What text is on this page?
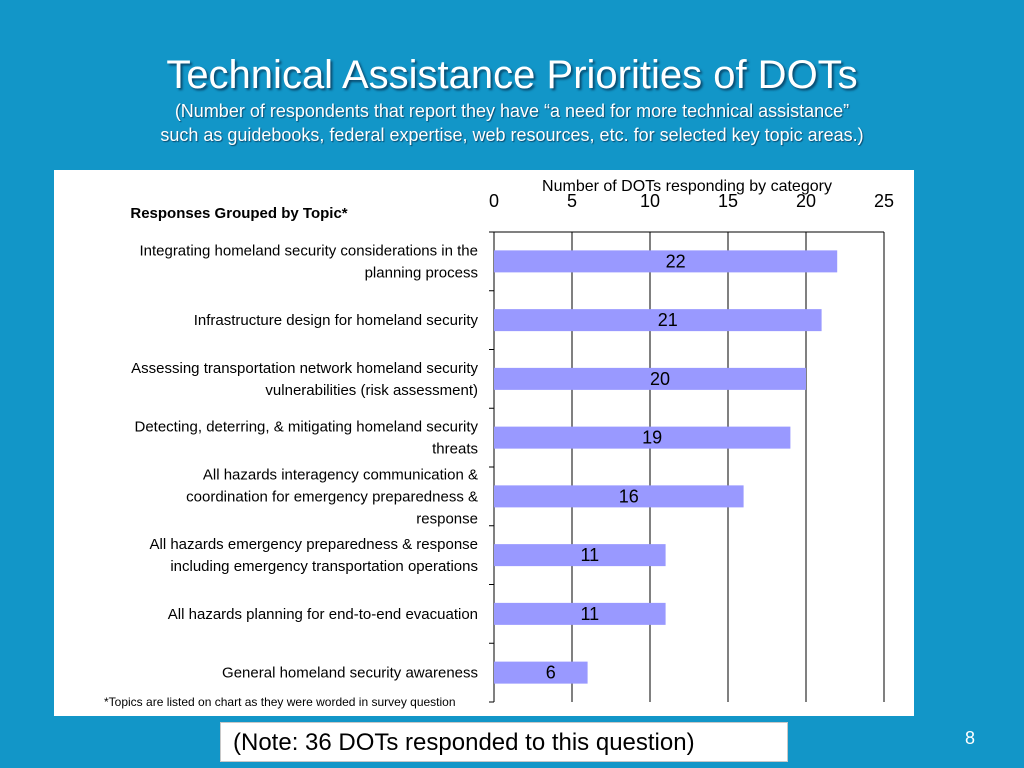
Technical Assistance Priorities of DOTs
(Number of respondents that report they have “a need for more technical assistance”
such as guidebooks, federal expertise, web resources, etc. for selected key topic areas.)
Responses Grouped by Topic*
Number of DOTs responding by category
0	5	10	15	20	25
22
Integrating homeland security considerations in the planning process
21
Infrastructure design for homeland security
20
Assessing transportation network homeland security vulnerabilities (risk assessment)
19
Detecting, deterring, & mitigating homeland security threats
16
All hazards interagency communication & coordination for emergency preparedness & response
11
All hazards emergency preparedness & response including emergency transportation operations
11
All hazards planning for end-to-end evacuation
6
General homeland security awareness
*Topics are listed on chart as they were worded in survey question
(Note: 36 DOTs responded to this question)	8
